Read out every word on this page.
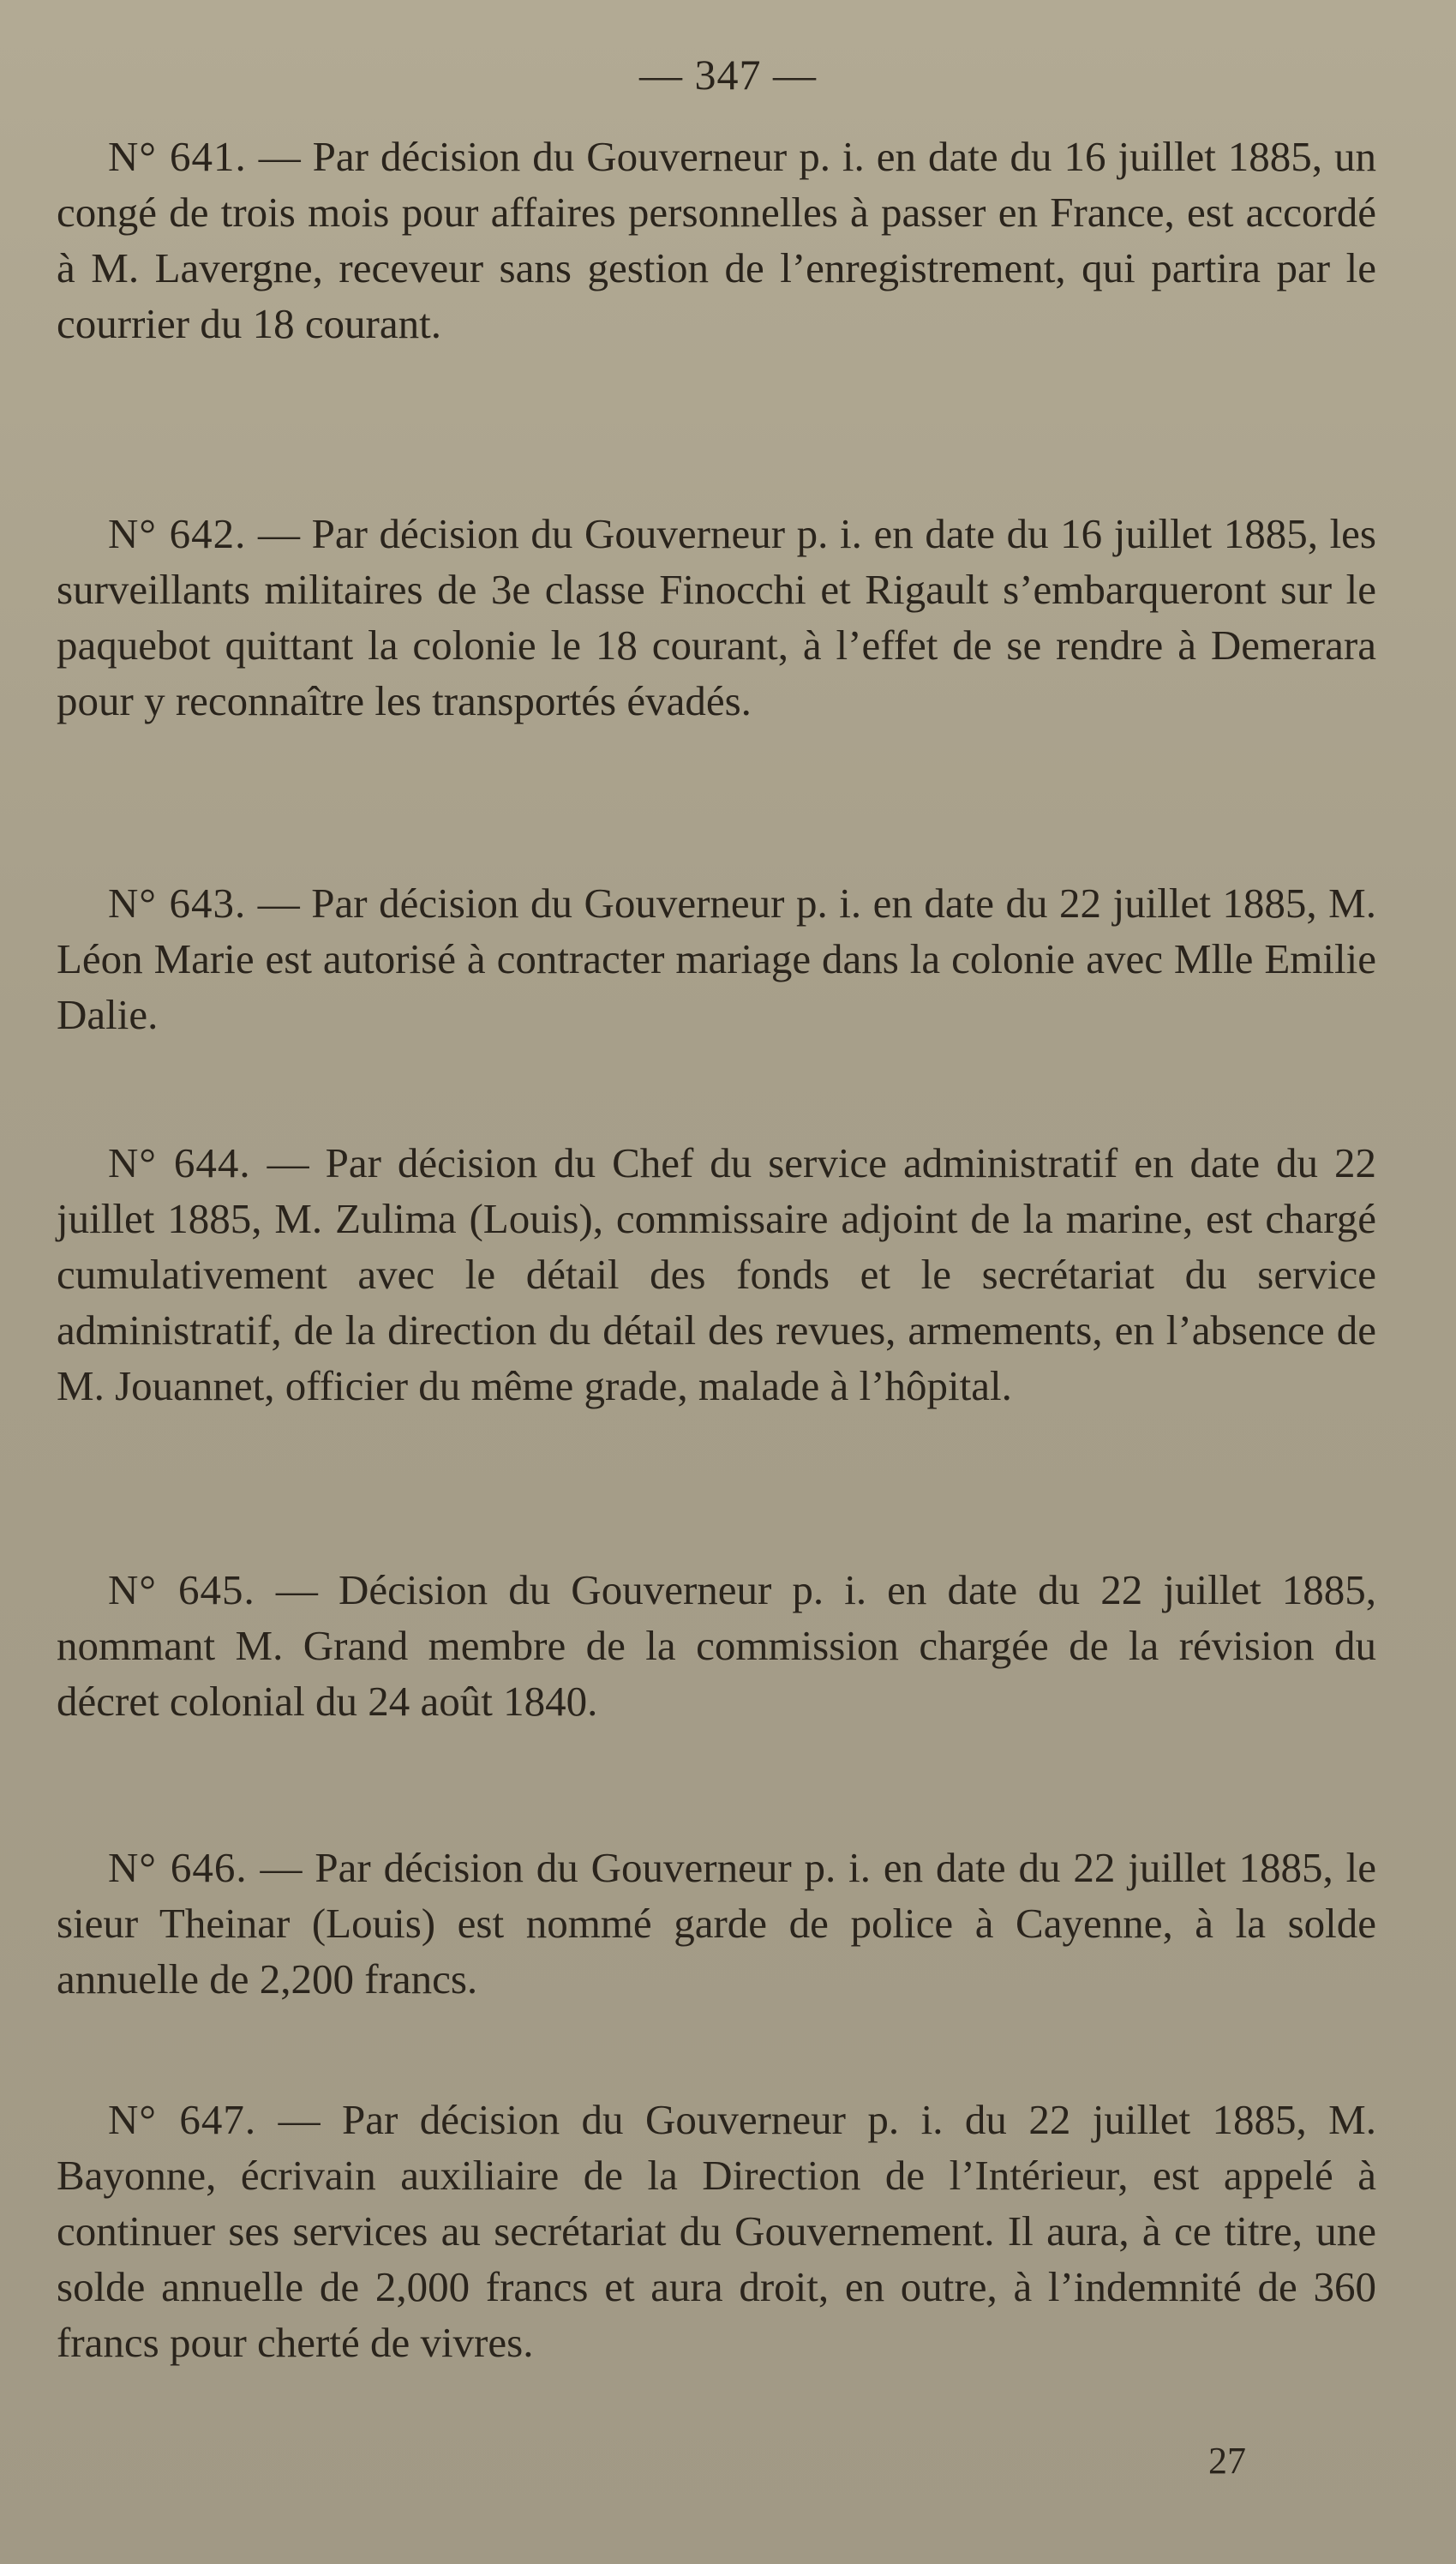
— 347 —
N° 641. — Par décision du Gouverneur p. i. en date du 16 juillet 1885, un congé de trois mois pour affaires personnelles à passer en France, est accordé à M. Lavergne, receveur sans gestion de l’enregistrement, qui partira par le courrier du 18 courant.
N° 642. — Par décision du Gouverneur p. i. en date du 16 juillet 1885, les surveillants militaires de 3e classe Finocchi et Rigault s’embarqueront sur le paquebot quittant la colonie le 18 courant, à l’effet de se rendre à Demerara pour y reconnaître les transportés évadés.
N° 643. — Par décision du Gouverneur p. i. en date du 22 juillet 1885, M. Léon Marie est autorisé à contracter mariage dans la colonie avec Mlle Emilie Dalie.
N° 644. — Par décision du Chef du service administratif en date du 22 juillet 1885, M. Zulima (Louis), commissaire adjoint de la marine, est chargé cumulativement avec le détail des fonds et le secrétariat du service administratif, de la direction du détail des revues, armements, en l’absence de M. Jouannet, officier du même grade, malade à l’hôpital.
N° 645. — Décision du Gouverneur p. i. en date du 22 juillet 1885, nommant M. Grand membre de la commission chargée de la révision du décret colonial du 24 août 1840.
N° 646. — Par décision du Gouverneur p. i. en date du 22 juillet 1885, le sieur Theinar (Louis) est nommé garde de police à Cayenne, à la solde annuelle de 2,200 francs.
N° 647. — Par décision du Gouverneur p. i. du 22 juillet 1885, M. Bayonne, écrivain auxiliaire de la Direction de l’Intérieur, est appelé à continuer ses services au secrétariat du Gouvernement. Il aura, à ce titre, une solde annuelle de 2,000 francs et aura droit, en outre, à l’indemnité de 360 francs pour cherté de vivres.
27
